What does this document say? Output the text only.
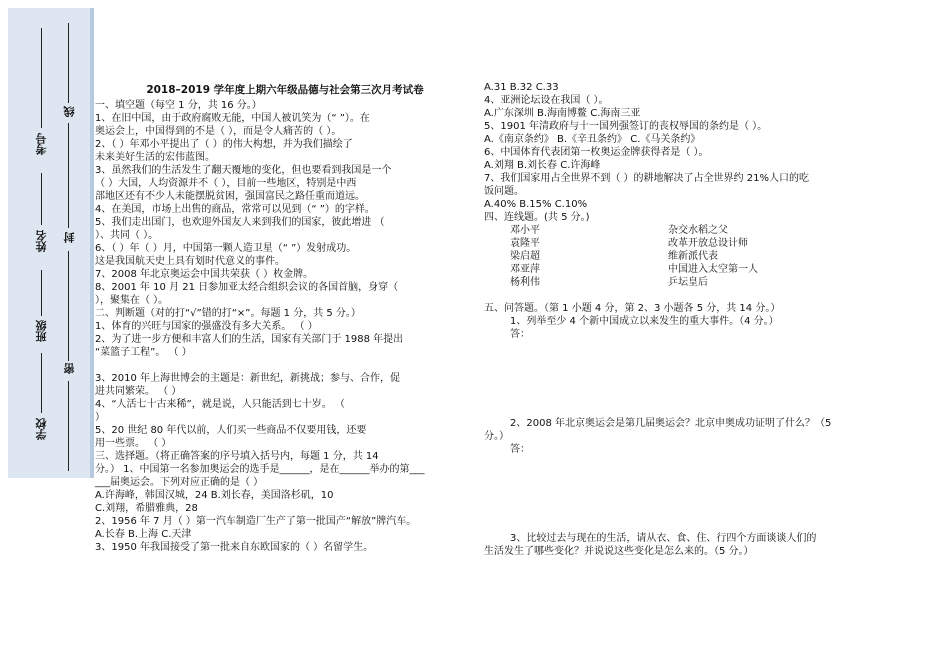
学校
班级
姓名
考号
密
封
线
2018–2019 学年度上期六年级品德与社会第三次月考试卷
一、填空题（每空 1 分，共 16 分。）
1、在旧中国，由于政府腐败无能，中国人被讥笑为（“ ”）。在
奥运会上，中国得到的不是（ ），而是令人痛苦的（ ）。
2、（ ）年邓小平提出了（ ）的伟大构想，并为我们描绘了
未来美好生活的宏伟蓝图。
3、虽然我们的生活发生了翻天覆地的变化，但也要看到我国是一个
（ ）大国，人均资源并不（ ），目前一些地区，特别是中西
部地区还有不少人未能摆脱贫困，强国富民之路任重而道远。
4、在美国，市场上出售的商品，常常可以见到（“ ”）的字样。
5、我们走出国门，也欢迎外国友人来到我们的国家，彼此增进 （
）、共同（ ）。
6、（ ）年（ ）月，中国第一颗人造卫星（“ ”）发射成功。
这是我国航天史上具有划时代意义的事件。
7、2008 年北京奥运会中国共荣获（ ）枚金牌。
8、2001 年 10 月 21 日参加亚太经合组织会议的各国首脑，身穿（
），聚集在（ ）。
二、判断题（对的打“√”错的打“×”。每题 1 分，共 5 分。）
1、体育的兴旺与国家的强盛没有多大关系。 （ ）
2、为了进一步方便和丰富人们的生活，国家有关部门于 1988 年提出
“菜篮子工程”。 （ ）
3、2010 年上海世博会的主题是：新世纪，新挑战；参与、合作，促
进共同繁荣。 （ ）
4、“人活七十古来稀”，就是说，人只能活到七十岁。 （
）
5、20 世纪 80 年代以前，人们买一些商品不仅要用钱，还要
用一些票。 （ ）
三、选择题。（将正确答案的序号填入括号内，每题 1 分，共 14
分。） 1、中国第一名参加奥运会的选手是______，是在______举办的第___
___届奥运会。下列对应正确的是（ ）
A.许海峰，韩国汉城，24 B.刘长春，美国洛杉矶，10
C.刘翔，希腊雅典，28
2、1956 年 7 月（ ）第一汽车制造厂生产了第一批国产“解放”牌汽车。
A.长春 B.上海 C.天津
3、1950 年我国接受了第一批来自东欧国家的（ ）名留学生。
A.31 B.32 C.33
4、亚洲论坛设在我国（ ）。
A.广东深圳 B.海南博鳌 C.海南三亚
5、1901 年清政府与十一国列强签订的丧权辱国的条约是（ ）。
A.《南京条约》 B.《辛丑条约》 C.《马关条约》
6、中国体育代表团第一枚奥运金牌获得者是（ ）。
A.刘翔 B.刘长春 C.许海峰
7、我们国家用占全世界不到（ ）的耕地解决了占全世界约 21%人口的吃
饭问题。
A.40% B.15% C.10%
四、连线题。(共 5 分。)
邓小平	杂交水稻之父
袁隆平	改革开放总设计师
梁启超	维新派代表
邓亚萍	中国进入太空第一人
杨利伟	乒坛皇后
五、问答题。（第 1 小题 4 分，第 2、3 小题各 5 分，共 14 分。）
1、列举至少 4 个新中国成立以来发生的重大事件。（4 分。）
答：
2、2008 年北京奥运会是第几届奥运会？北京申奥成功证明了什么？（5
分。）
答：
3、比较过去与现在的生活，请从衣、食、住、行四个方面谈谈人们的
生活发生了哪些变化？并说说这些变化是怎么来的。（5 分。）
